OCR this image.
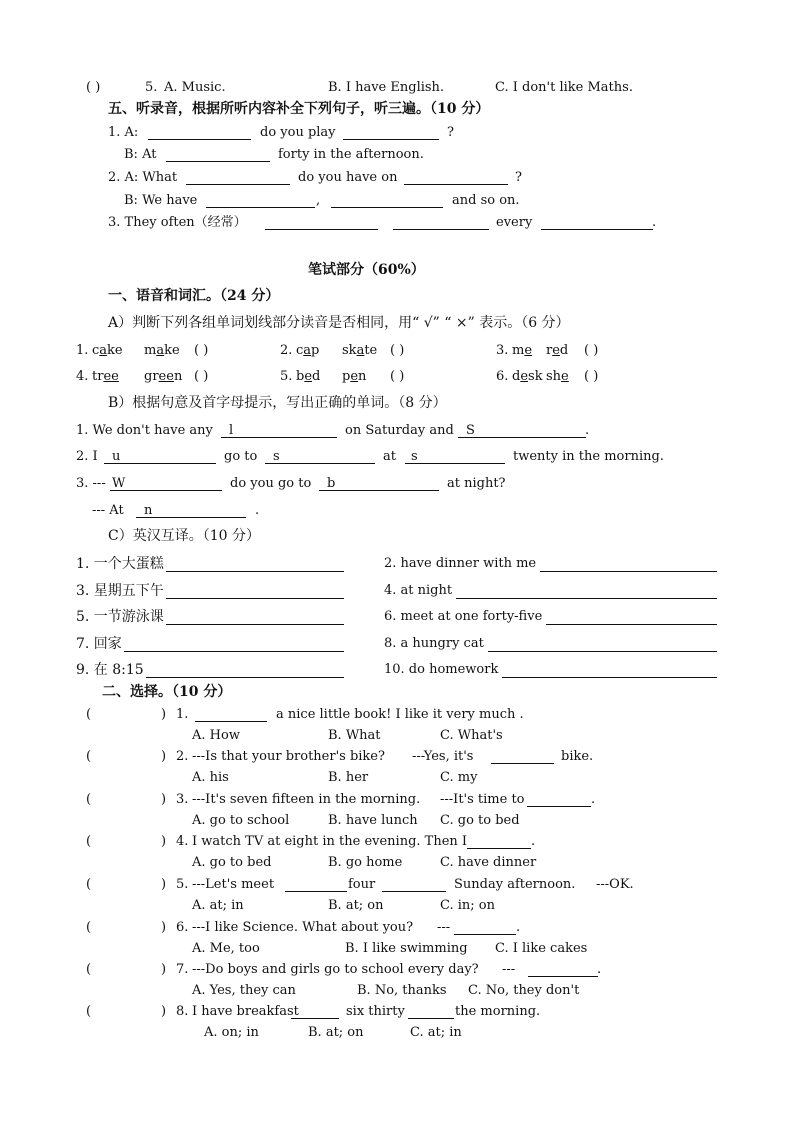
( )	5. A. Music.	B. I have English.	C. I don't like Maths.
五、听录音，根据所听内容补全下列句子，听三遍。（10 分）
1. A:	do you play	?
B: At	forty in the afternoon.
2. A: What	do you have on	?
B: We have	,	and so on.
3. They often（经常）	every	.
笔试部分（60%）
一、语音和词汇。（24 分）
A）判断下列各组单词划线部分读音是否相同，用“ √” “ ×” 表示。（6 分）
1. cake make ( )	2. cap skate ( )	3. me red ( )
4. tree green ( )	5. bed pen ( )	6. desk she ( )
B）根据句意及首字母提示，写出正确的单词。（8 分）
1. We don't have any l	on Saturday and S	.
2. I u	go to s	at s	twenty in the morning.
3. --- W	do you go to b	at night?
--- At n	.
C）英汉互译。（10 分）
1. 一个大蛋糕	2. have dinner with me
3. 星期五下午	4. at night
5. 一节游泳课	6. meet at one forty-five
7. 回家	8. a hungry cat
9. 在 8:15	10. do homework
二、选择。（10 分）
(	) 1.	a nice little book! I like it very much .
A. How	B. What	C. What's
(	) 2. ---Is that your brother's bike? ---Yes, it's	bike.
A. his	B. her	C. my
(	) 3. ---It's seven fifteen in the morning. ---It's time to	.
A. go to school	B. have lunch C. go to bed
(	) 4. I watch TV at eight in the evening. Then I	.
A. go to bed	B. go home	C. have dinner
(	) 5. ---Let's meet	four	Sunday afternoon. ---OK.
A. at; in	B. at; on	C. in; on
(	) 6. ---I like Science. What about you? ---	.
A. Me, too	B. I like swimming C. I like cakes
(	) 7. ---Do boys and girls go to school every day? ---	.
A. Yes, they can	B. No, thanks C. No, they don't
(	) 8. I have breakfast	six thirty	the morning.
A. on; in	B. at; on	C. at; in
